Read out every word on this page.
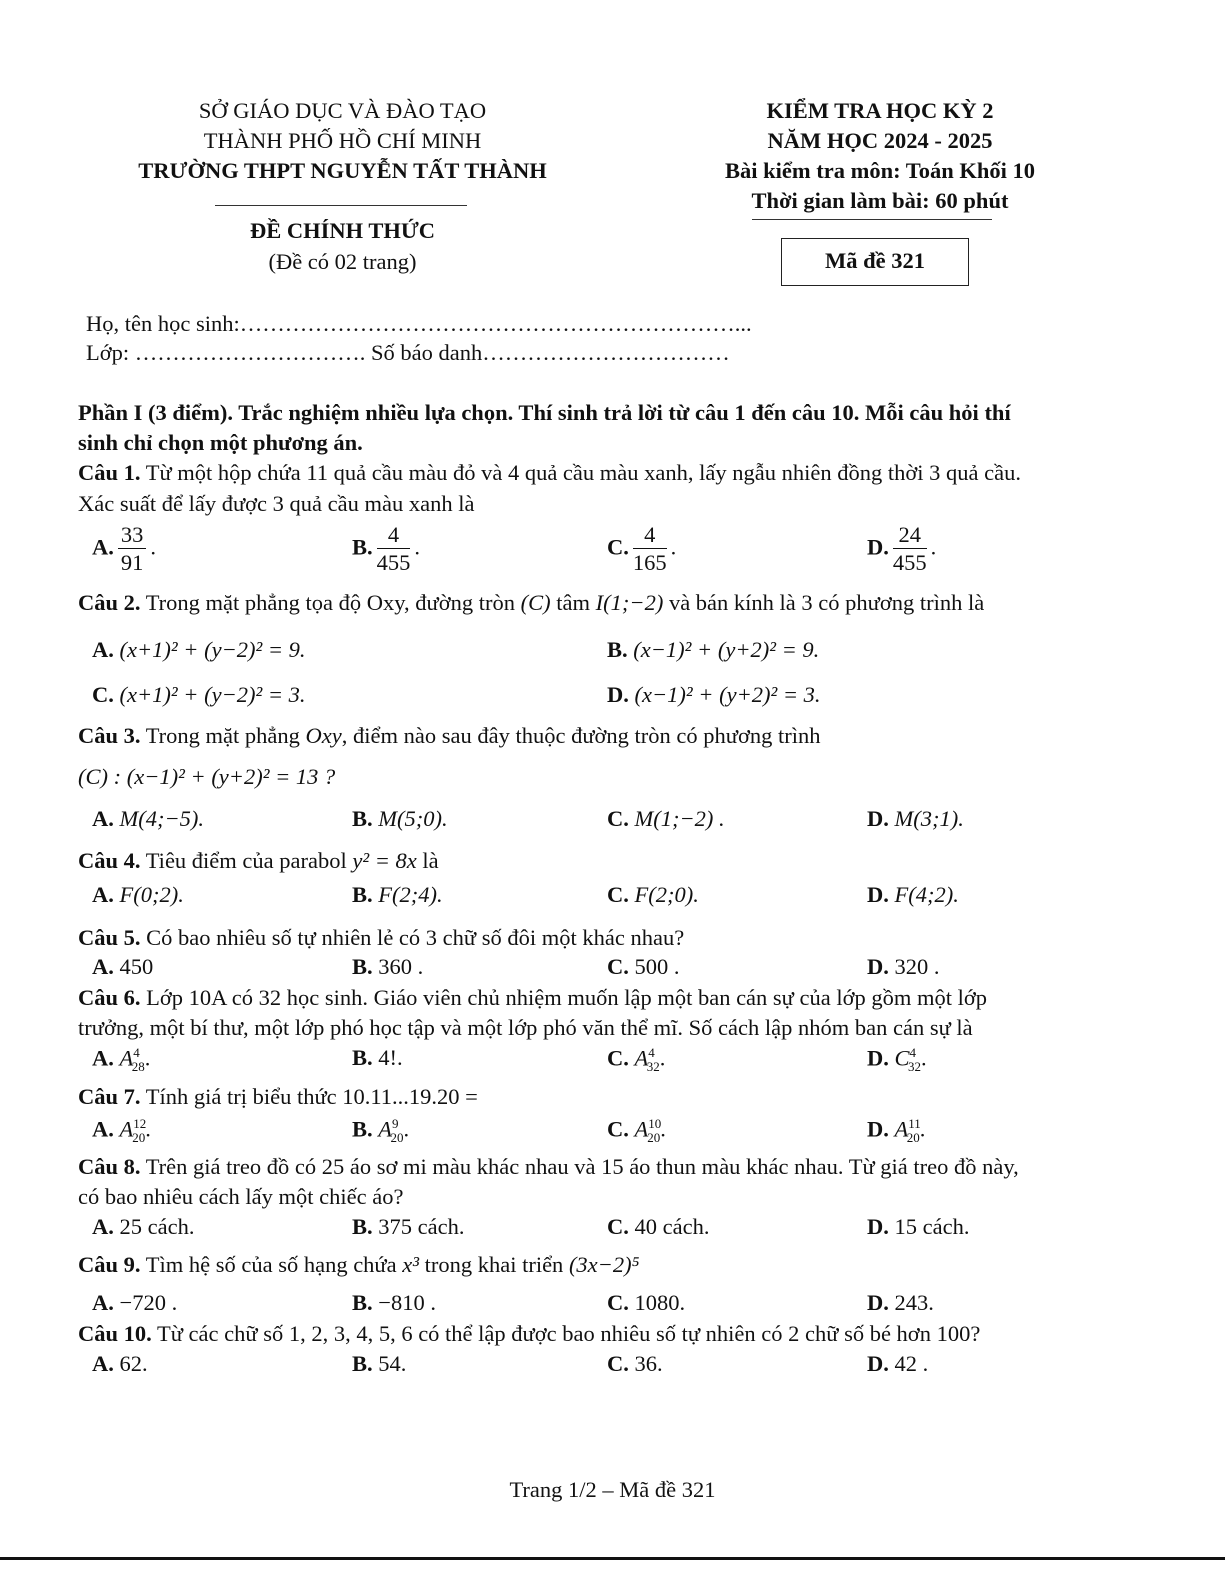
SỞ GIÁO DỤC VÀ ĐÀO TẠO
THÀNH PHỐ HỒ CHÍ MINH
TRƯỜNG THPT NGUYỄN TẤT THÀNH
ĐỀ CHÍNH THỨC
(Đề có 02 trang)
KIỂM TRA HỌC KỲ 2
NĂM HỌC 2024 - 2025
Bài kiểm tra môn: Toán Khối 10
Thời gian làm bài: 60 phút
Mã đề 321
Họ, tên học sinh:…………………………………………………………...
Lớp: …………………………. Số báo danh……………………………
Phần I (3 điểm). Trắc nghiệm nhiều lựa chọn. Thí sinh trả lời từ câu 1 đến câu 10. Mỗi câu hỏi thí
sinh chỉ chọn một phương án.
Câu 1. Từ một hộp chứa 11 quả cầu màu đỏ và 4 quả cầu màu xanh, lấy ngẫu nhiên đồng thời 3 quả cầu.
Xác suất để lấy được 3 quả cầu màu xanh là
A. $\frac{33}{91}$ .	B. $\frac{4}{455}$ .	C. $\frac{4}{165}$ .	D. $\frac{24}{455}$ .
Câu 2. Trong mặt phẳng tọa độ Oxy, đường tròn (C) tâm I(1;−2) và bán kính là 3 có phương trình là
A. (x+1)² + (y−2)² = 9.	B. (x−1)² + (y+2)² = 9.
C. (x+1)² + (y−2)² = 3.	D. (x−1)² + (y+2)² = 3.
Câu 3. Trong mặt phẳng Oxy, điểm nào sau đây thuộc đường tròn có phương trình
(C) : (x−1)² + (y+2)² = 13 ?
A. M(4;−5).	B. M(5;0).	C. M(1;−2) .	D. M(3;1).
Câu 4. Tiêu điểm của parabol y² = 8x là
A. F(0;2).	B. F(2;4).	C. F(2;0).	D. F(4;2).
Câu 5. Có bao nhiêu số tự nhiên lẻ có 3 chữ số đôi một khác nhau?
A. 450	B. 360 .	C. 500 .	D. 320 .
Câu 6. Lớp 10A có 32 học sinh. Giáo viên chủ nhiệm muốn lập một ban cán sự của lớp gồm một lớp
trưởng, một bí thư, một lớp phó học tập và một lớp phó văn thể mĩ. Số cách lập nhóm ban cán sự là
A. $A^4_{28}$.	B. 4!.	C. $A^4_{32}$.	D. $C^4_{32}$.
Câu 7. Tính giá trị biểu thức 10.11...19.20 =
A. $A^{12}_{20}$.	B. $A^9_{20}$.	C. $A^{10}_{20}$.	D. $A^{11}_{20}$.
Câu 8. Trên giá treo đồ có 25 áo sơ mi màu khác nhau và 15 áo thun màu khác nhau. Từ giá treo đồ này,
có bao nhiêu cách lấy một chiếc áo?
A. 25 cách.	B. 375 cách.	C. 40 cách.	D. 15 cách.
Câu 9. Tìm hệ số của số hạng chứa x³ trong khai triển (3x−2)⁵
A. −720 .	B. −810 .	C. 1080.	D. 243.
Câu 10. Từ các chữ số 1, 2, 3, 4, 5, 6 có thể lập được bao nhiêu số tự nhiên có 2 chữ số bé hơn 100?
A. 62.	B. 54.	C. 36.	D. 42 .
Trang 1/2 – Mã đề 321
